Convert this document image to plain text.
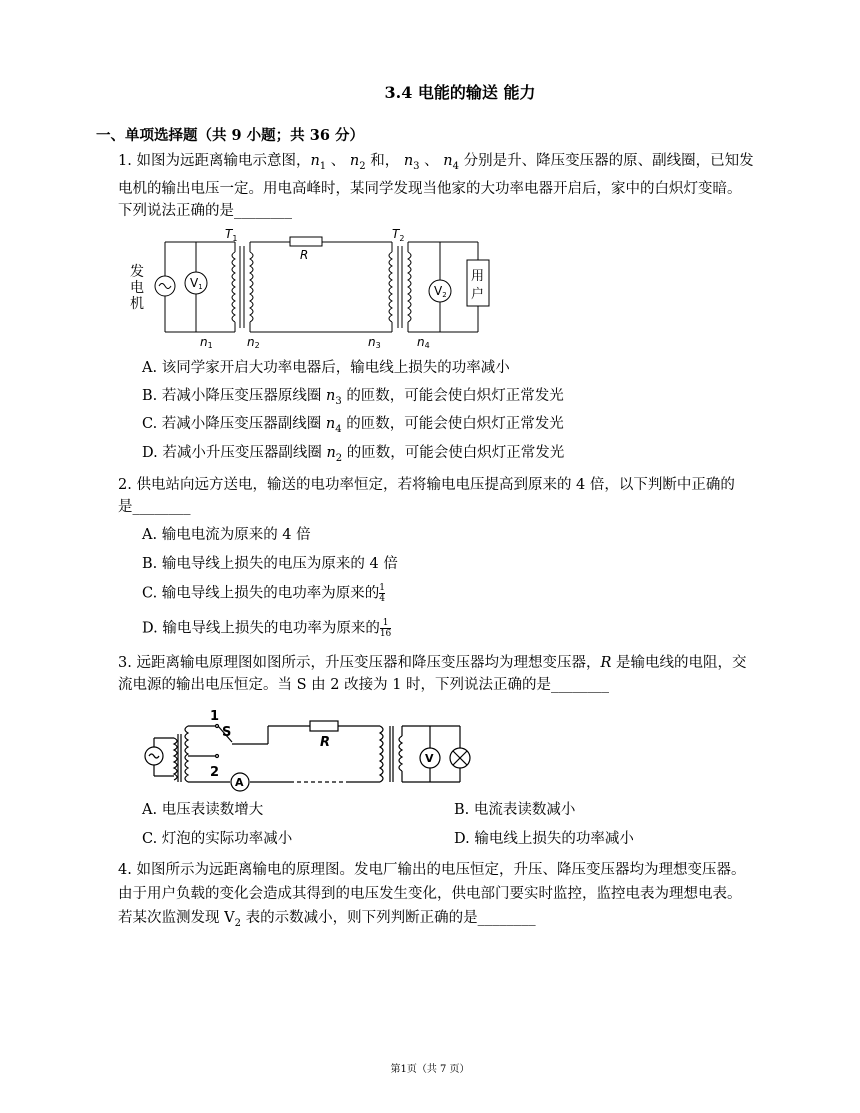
3.4 电能的输送 能力
一、单项选择题（共 9 小题；共 36 分）
1. 如图为远距离输电示意图，$n_1$ 、 $n_2$ 和， $n_3$ 、 $n_4$ 分别是升、降压变压器的原、副线圈，已知发
电机的输出电压一定。用电高峰时，某同学发现当他家的大功率电器开启后，家中的白炽灯变暗。
下列说法正确的是________
发
电
机
用
户
$T_1$	$T_2$
R
n1	n2	n3	n4
V1	V2
A. 该同学家开启大功率电器后，输电线上损失的功率减小
B. 若减小降压变压器原线圈 $n_3$ 的匝数，可能会使白炽灯正常发光
C. 若减小降压变压器副线圈 $n_4$ 的匝数，可能会使白炽灯正常发光
D. 若减小升压变压器副线圈 $n_2$ 的匝数，可能会使白炽灯正常发光
2. 供电站向远方送电，输送的电功率恒定，若将输电电压提高到原来的 4 倍，以下判断中正确的
是________
A. 输电电流为原来的 4 倍
B. 输电导线上损失的电压为原来的 4 倍
C. 输电导线上损失的电功率为原来的 $\frac{1}{4}$
D. 输电导线上损失的电功率为原来的 $\frac{1}{16}$
3. 远距离输电原理图如图所示，升压变压器和降压变压器均为理想变压器，R 是输电线的电阻，交
流电源的输出电压恒定。当 S 由 2 改接为 1 时，下列说法正确的是________
1
2
S
R
A
V
A. 电压表读数增大	B. 电流表读数减小
C. 灯泡的实际功率减小	D. 输电线上损失的功率减小
4. 如图所示为远距离输电的原理图。发电厂输出的电压恒定，升压、降压变压器均为理想变压器。
由于用户负载的变化会造成其得到的电压发生变化，供电部门要实时监控，监控电表为理想电表。
若某次监测发现 $V_2$ 表的示数减小，则下列判断正确的是________
第1页（共 7 页）
